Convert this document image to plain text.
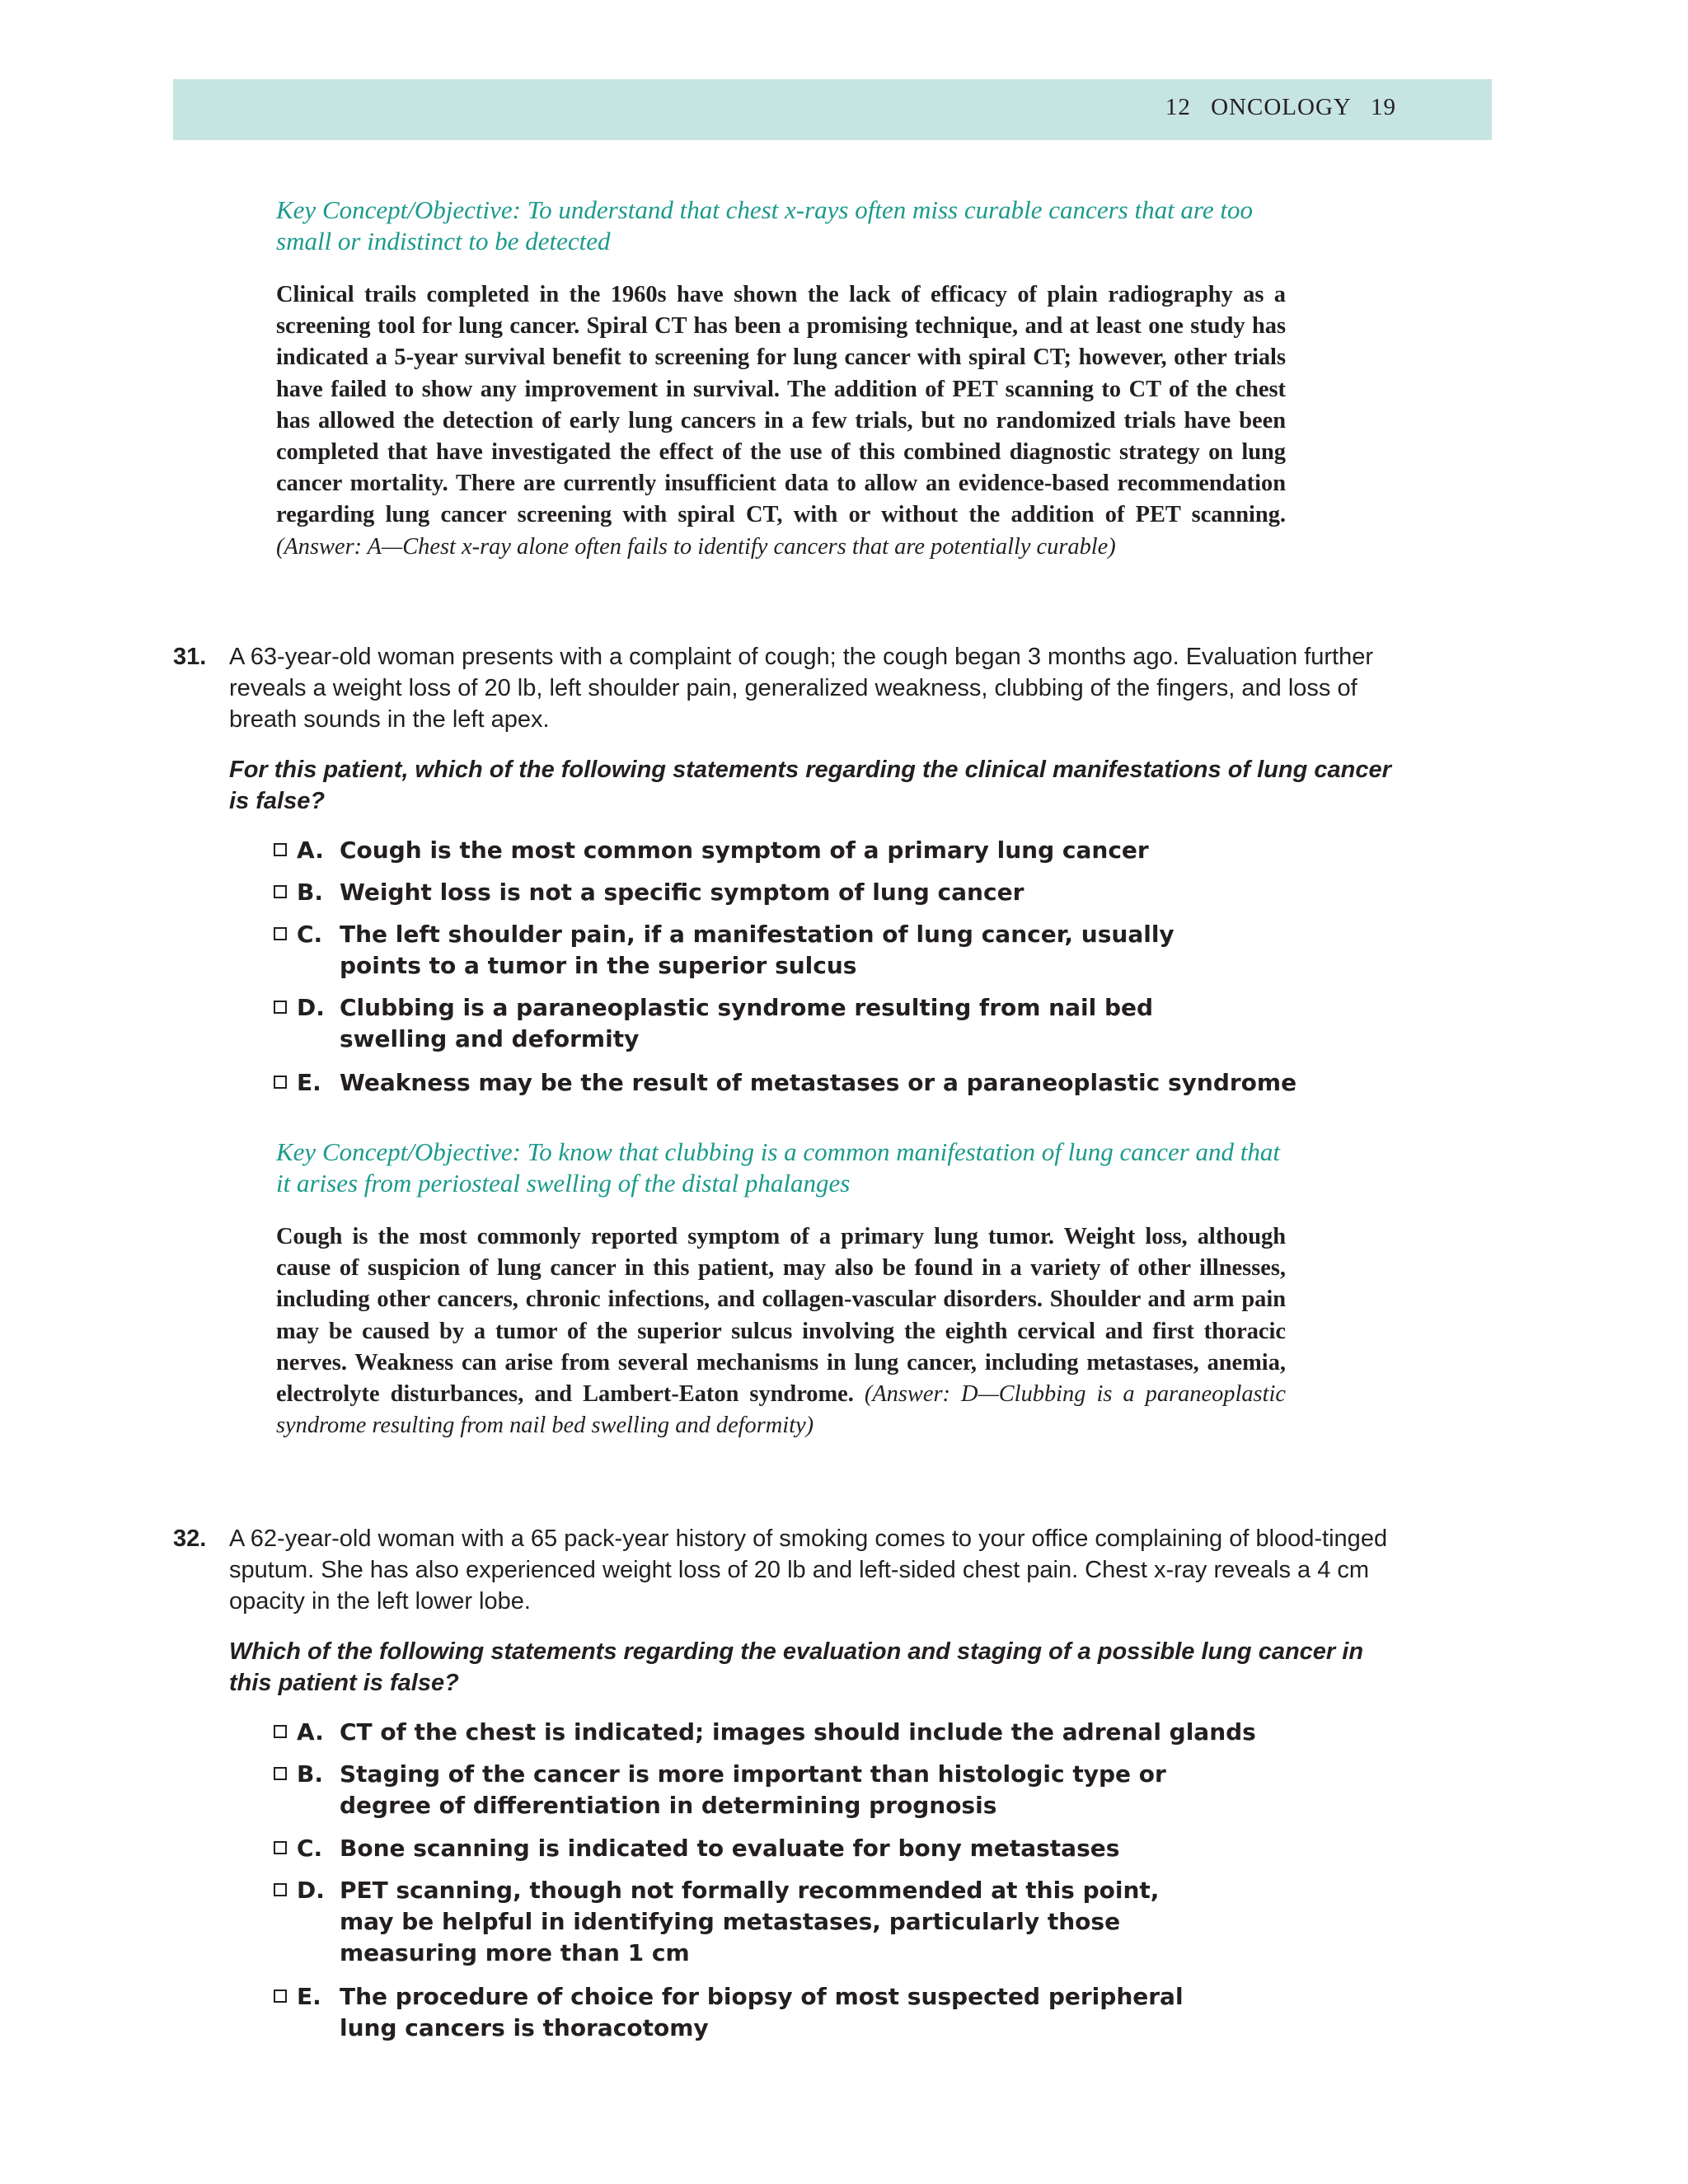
12 ONCOLOGY 19
Key Concept/Objective: To understand that chest x-rays often miss curable cancers that are too small or indistinct to be detected
Clinical trails completed in the 1960s have shown the lack of efficacy of plain radiography as a screening tool for lung cancer. Spiral CT has been a promising technique, and at least one study has indicated a 5-year survival benefit to screening for lung cancer with spiral CT; however, other trials have failed to show any improvement in survival. The addition of PET scanning to CT of the chest has allowed the detection of early lung cancers in a few trials, but no randomized trials have been completed that have investigated the effect of the use of this combined diagnostic strategy on lung cancer mortality. There are currently insufficient data to allow an evidence-based recommendation regarding lung cancer screening with spiral CT, with or without the addition of PET scanning. (Answer: A—Chest x-ray alone often fails to identify cancers that are potentially curable)
31. A 63-year-old woman presents with a complaint of cough; the cough began 3 months ago. Evaluation further reveals a weight loss of 20 lb, left shoulder pain, generalized weakness, clubbing of the fingers, and loss of breath sounds in the left apex.
For this patient, which of the following statements regarding the clinical manifestations of lung cancer is false?
A. Cough is the most common symptom of a primary lung cancer
B. Weight loss is not a specific symptom of lung cancer
C. The left shoulder pain, if a manifestation of lung cancer, usually points to a tumor in the superior sulcus
D. Clubbing is a paraneoplastic syndrome resulting from nail bed swelling and deformity
E. Weakness may be the result of metastases or a paraneoplastic syndrome
Key Concept/Objective: To know that clubbing is a common manifestation of lung cancer and that it arises from periosteal swelling of the distal phalanges
Cough is the most commonly reported symptom of a primary lung tumor. Weight loss, although cause of suspicion of lung cancer in this patient, may also be found in a variety of other illnesses, including other cancers, chronic infections, and collagen-vascular disorders. Shoulder and arm pain may be caused by a tumor of the superior sulcus involving the eighth cervical and first thoracic nerves. Weakness can arise from several mechanisms in lung cancer, including metastases, anemia, electrolyte disturbances, and Lambert-Eaton syndrome. (Answer: D—Clubbing is a paraneoplastic syndrome resulting from nail bed swelling and deformity)
32. A 62-year-old woman with a 65 pack-year history of smoking comes to your office complaining of blood-tinged sputum. She has also experienced weight loss of 20 lb and left-sided chest pain. Chest x-ray reveals a 4 cm opacity in the left lower lobe.
Which of the following statements regarding the evaluation and staging of a possible lung cancer in this patient is false?
A. CT of the chest is indicated; images should include the adrenal glands
B. Staging of the cancer is more important than histologic type or degree of differentiation in determining prognosis
C. Bone scanning is indicated to evaluate for bony metastases
D. PET scanning, though not formally recommended at this point, may be helpful in identifying metastases, particularly those measuring more than 1 cm
E. The procedure of choice for biopsy of most suspected peripheral lung cancers is thoracotomy
